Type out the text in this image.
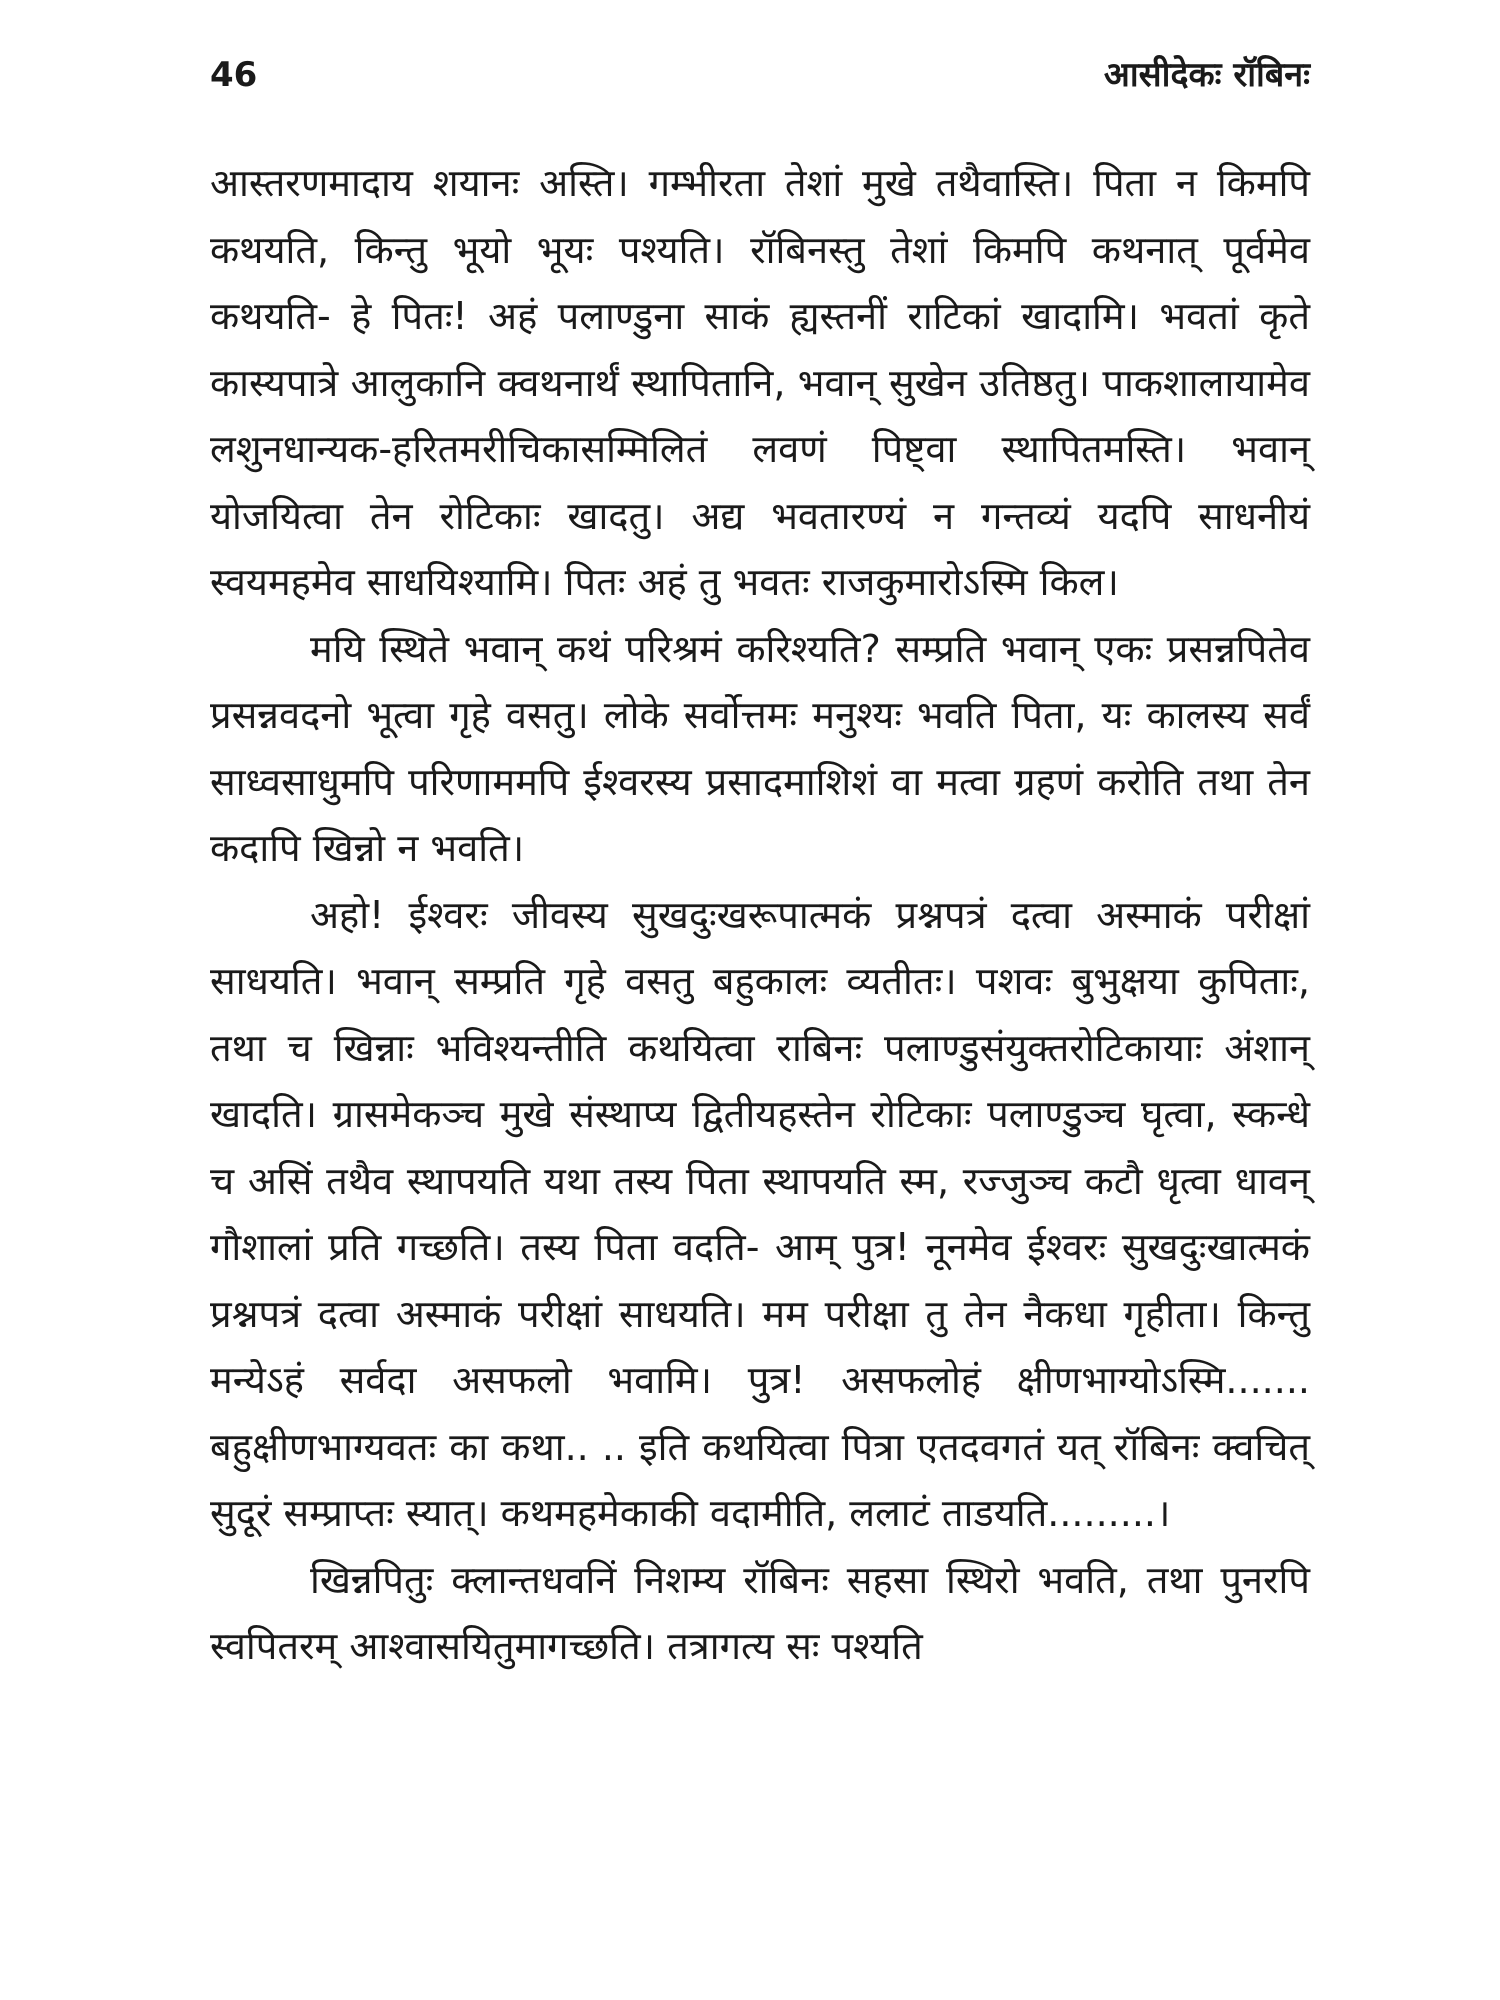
46	आसीदेकः रॉबिनः

आस्तरणमादाय शयानः अस्ति। गम्भीरता तेशां मुखे तथैवास्ति। पिता न किमपि कथयति, किन्तु भूयो भूयः पश्यति। रॉबिनस्तु तेशां किमपि कथनात् पूर्वमेव कथयति- हे पितः! अहं पलाण्डुना साकं ह्यस्तनीं राटिकां खादामि। भवतां कृते कास्यपात्रे आलुकानि क्वथनार्थं स्थापितानि, भवान् सुखेन उतिष्ठतु। पाकशालायामेव लशुनधान्यक-हरितमरीचिकासम्मिलितं लवणं पिष्ट्वा स्थापितमस्ति। भवान् योजयित्वा तेन रोटिकाः खादतु। अद्य भवतारण्यं न गन्तव्यं यदपि साधनीयं स्वयमहमेव साधयिश्यामि। पितः अहं तु भवतः राजकुमारोऽस्मि किल।

मयि स्थिते भवान् कथं परिश्रमं करिश्यति? सम्प्रति भवान् एकः प्रसन्नपितेव प्रसन्नवदनो भूत्वा गृहे वसतु। लोके सर्वोत्तमः मनुश्यः भवति पिता, यः कालस्य सर्वं साध्वसाधुमपि परिणाममपि ईश्वरस्य प्रसादमाशिशं वा मत्वा ग्रहणं करोति तथा तेन कदापि खिन्नो न भवति।

अहो! ईश्वरः जीवस्य सुखदुःखरूपात्मकं प्रश्नपत्रं दत्वा अस्माकं परीक्षां साधयति। भवान् सम्प्रति गृहे वसतु बहुकालः व्यतीतः। पशवः बुभुक्षया कुपिताः, तथा च खिन्नाः भविश्यन्तीति कथयित्वा राबिनः पलाण्डुसंयुक्तरोटिकायाः अंशान् खादति। ग्रासमेकञ्च मुखे संस्थाप्य द्वितीयहस्तेन रोटिकाः पलाण्डुञ्च घृत्वा, स्कन्धे च असिं तथैव स्थापयति यथा तस्य पिता स्थापयति स्म, रज्जुञ्च कटौ धृत्वा धावन् गौशालां प्रति गच्छति। तस्य पिता वदति- आम् पुत्र! नूनमेव ईश्वरः सुखदुःखात्मकं प्रश्नपत्रं दत्वा अस्माकं परीक्षां साधयति। मम परीक्षा तु तेन नैकधा गृहीता। किन्तु मन्येऽहं सर्वदा असफलो भवामि। पुत्र! असफलोहं क्षीणभाग्योऽस्मि....... बहुक्षीणभाग्यवतः का कथा.. .. इति कथयित्वा पित्रा एतदवगतं यत् रॉबिनः क्वचित् सुदूरं सम्प्राप्तः स्यात्। कथमहमेकाकी वदामीति, ललाटं ताडयति.........।

खिन्नपितुः क्लान्तधवनिं निशम्य रॉबिनः सहसा स्थिरो भवति, तथा पुनरपि स्वपितरम् आश्वासयितुमागच्छति। तत्रागत्य सः पश्यति
